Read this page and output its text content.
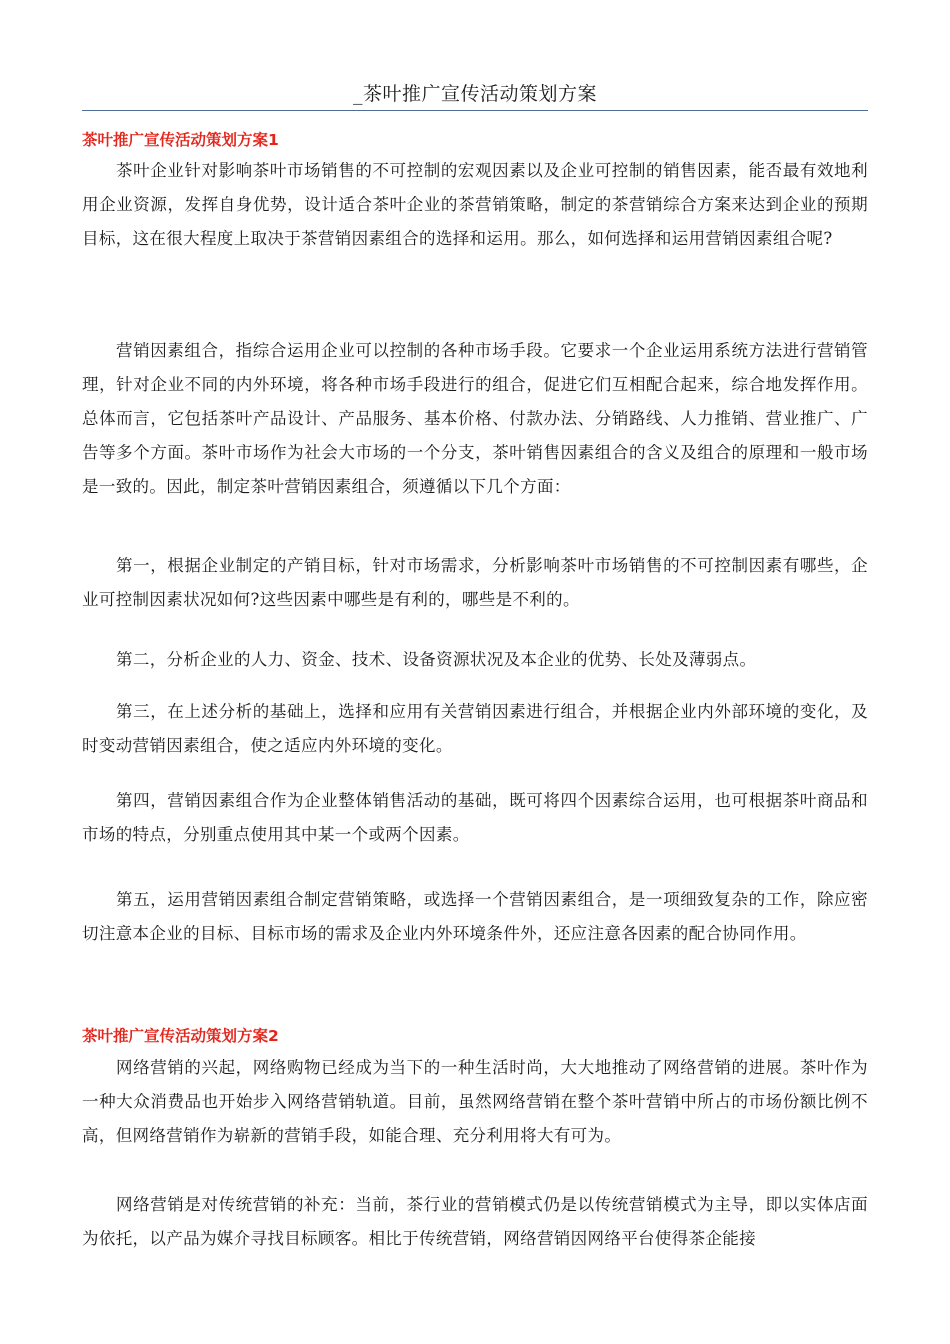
_茶叶推广宣传活动策划方案
茶叶推广宣传活动策划方案1

茶叶企业针对影响茶叶市场销售的不可控制的宏观因素以及企业可控制的销售因素，能否最有效地利用企业资源，发挥自身优势，设计适合茶叶企业的茶营销策略，制定的茶营销综合方案来达到企业的预期目标，这在很大程度上取决于茶营销因素组合的选择和运用。那么，如何选择和运用营销因素组合呢?

营销因素组合，指综合运用企业可以控制的各种市场手段。它要求一个企业运用系统方法进行营销管理，针对企业不同的内外环境，将各种市场手段进行的组合，促进它们互相配合起来，综合地发挥作用。总体而言，它包括茶叶产品设计、产品服务、基本价格、付款办法、分销路线、人力推销、营业推广、广告等多个方面。茶叶市场作为社会大市场的一个分支，茶叶销售因素组合的含义及组合的原理和一般市场是一致的。因此，制定茶叶营销因素组合，须遵循以下几个方面：

第一，根据企业制定的产销目标，针对市场需求，分析影响茶叶市场销售的不可控制因素有哪些，企业可控制因素状况如何?这些因素中哪些是有利的，哪些是不利的。

第二，分析企业的人力、资金、技术、设备资源状况及本企业的优势、长处及薄弱点。

第三，在上述分析的基础上，选择和应用有关营销因素进行组合，并根据企业内外部环境的变化，及时变动营销因素组合，使之适应内外环境的变化。

第四，营销因素组合作为企业整体销售活动的基础，既可将四个因素综合运用，也可根据茶叶商品和市场的特点，分别重点使用其中某一个或两个因素。

第五，运用营销因素组合制定营销策略，或选择一个营销因素组合，是一项细致复杂的工作，除应密切注意本企业的目标、目标市场的需求及企业内外环境条件外，还应注意各因素的配合协同作用。

茶叶推广宣传活动策划方案2

网络营销的兴起，网络购物已经成为当下的一种生活时尚，大大地推动了网络营销的进展。茶叶作为一种大众消费品也开始步入网络营销轨道。目前，虽然网络营销在整个茶叶营销中所占的市场份额比例不高，但网络营销作为崭新的营销手段，如能合理、充分利用将大有可为。

网络营销是对传统营销的补充：当前，茶行业的营销模式仍是以传统营销模式为主导，即以实体店面为依托，以产品为媒介寻找目标顾客。相比于传统营销，网络营销因网络平台使得茶企能接
